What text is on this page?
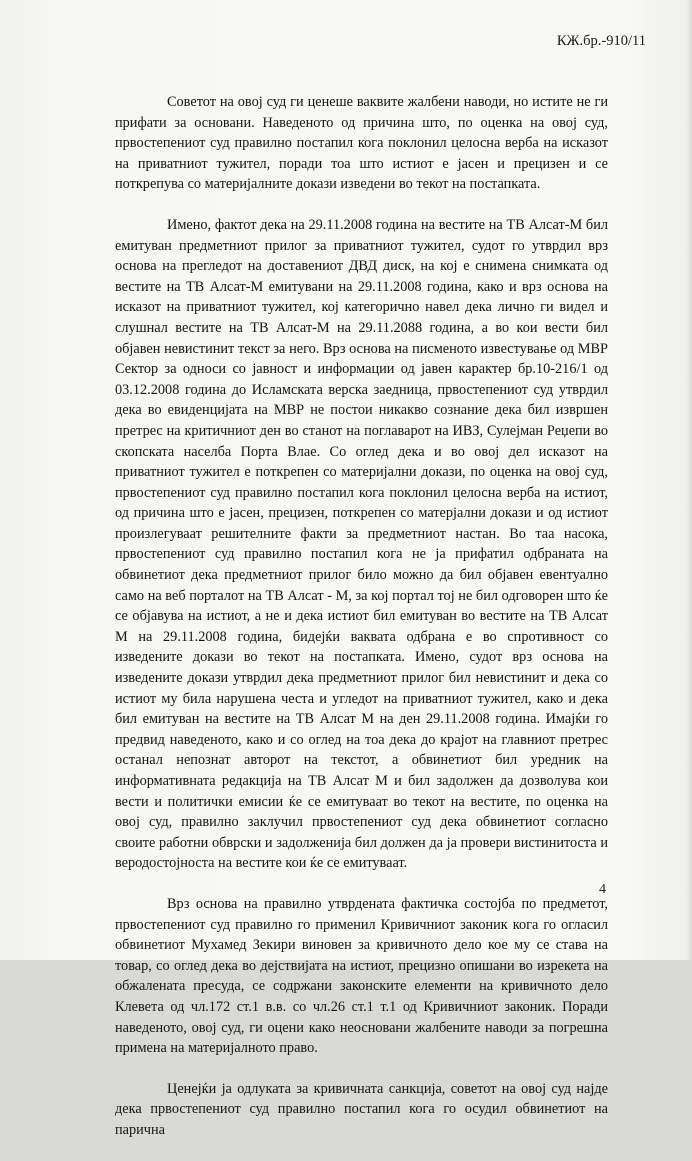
КЖ.бр.-910/11

Советот на овој суд ги ценеше ваквите жалбени наводи, но истите не ги прифати за основани. Наведеното од причина што, по оценка на овој суд, првостепениот суд правилно постапил кога поклонил целосна верба на исказот на приватниот тужител, поради тоа што истиот е јасен и прецизен и се поткрепува со материјалните докази изведени во текот на постапката.

Имено, фактот дека на 29.11.2008 година на вестите на ТВ Алсат-М бил емитуван предметниот прилог за приватниот тужител, судот го утврдил врз основа на прегледот на доставениот ДВД диск, на кој е снимена снимката од вестите на ТВ Алсат-М емитувани на 29.11.2008 година, како и врз основа на исказот на приватниот тужител, кој категорично навел дека лично ги видел и слушнал вестите на ТВ Алсат-М на 29.11.2088 година, а во кои вести бил објавен невистинит текст за него. Врз основа на писменото известување од МВР Сектор за односи со јавност и информации од јавен карактер бр.10-216/1 од 03.12.2008 година до Исламската верска заедница, првостепениот суд утврдил дека во евиденцијата на МВР не постои никакво сознание дека бил извршен претрес на критичниот ден во станот на поглаварот на ИВЗ, Сулејман Реџепи во скопската населба Порта Влае. Со оглед дека и во овој дел исказот на приватниот тужител е поткрепен со материјални докази, по оценка на овој суд, првостепениот суд правилно постапил кога поклонил целосна верба на истиот, од причина што е јасен, прецизен, поткрепен со матерјални докази и од истиот произлегуваат решителните факти за предметниот настан. Во таа насока, првостепениот суд правилно постапил кога не ја прифатил одбраната на обвинетиот дека предметниот прилог било можно да бил објавен евентуално само на веб порталот на ТВ Алсат - М, за кој портал тој не бил одговорен што ќе се објавува на истиот, а не и дека истиот бил емитуван во вестите на ТВ Алсат М на 29.11.2008 година, бидејќи ваквата одбрана е во спротивност со изведените докази во текот на постапката. Имено, судот врз основа на изведените докази утврдил дека предметниот прилог бил невистинит и дека со истиот му била нарушена честа и угледот на приватниот тужител, како и дека бил емитуван на вестите на ТВ Алсат М на ден 29.11.2008 година. Имајќи го предвид наведеното, како и со оглед на тоа дека до крајот на главниот претрес останал непознат авторот на текстот, а обвинетиот бил уредник на информативната редакција на ТВ Алсат М и бил задолжен да дозволува кои вести и политички емисии ќе се емитуваат во текот на вестите, по оценка на овој суд, правилно заклучил првостепениот суд дека обвинетиот согласно своите работни обврски и задолженија бил должен да ја провери вистинитоста и веродостојноста на вестите кои ќе се емитуваат.

Врз основа на правилно утврдената фактичка состојба по предметот, првостепениот суд правилно го применил Кривичниот законик кога го огласил обвинетиот Мухамед Зекири виновен за кривичното дело кое му се става на товар, со оглед дека во дејствијата на истиот, прецизно опишани во изрекета на обжалената пресуда, се содржани законските елементи на кривичното дело Клевета од чл.172 ст.1 в.в. со чл.26 ст.1 т.1 од Кривичниот законик. Поради наведеното, овој суд, ги оцени како неосновани жалбените наводи за погрешна примена на материјалното право.

Ценејќи ја одлуката за кривичната санкција, советот на овој суд најде дека првостепениот суд правилно постапил кога го осудил обвинетиот на парична

4
